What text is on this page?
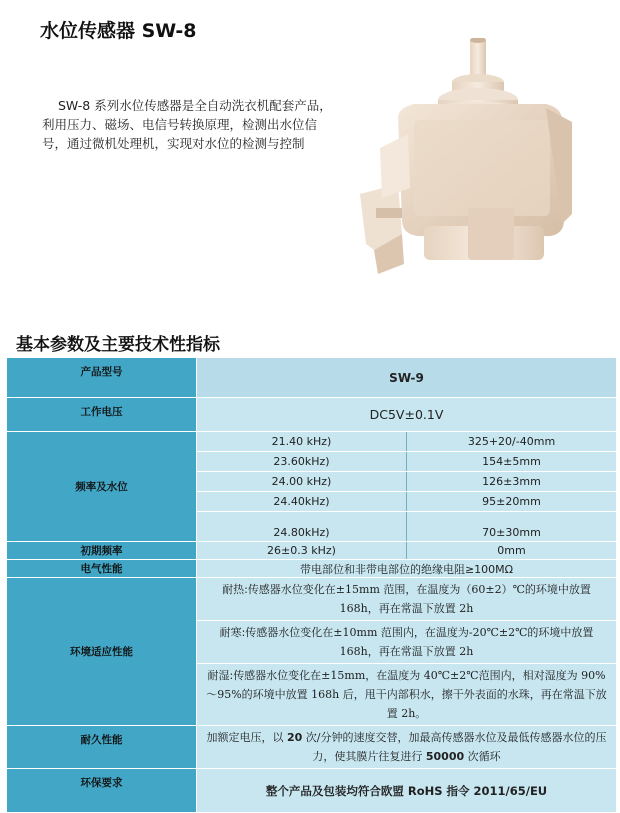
水位传感器 SW-8

SW-8 系列水位传感器是全自动洗衣机配套产品，利用压力、磁场、电信号转换原理，检测出水位信号，通过微机处理机，实现对水位的检测与控制

基本参数及主要技术性指标
产品型号	SW-9	
工作电压	DC5V±0.1V	
频率及水位	21.40 kHz)	325+20/-40mm
	23.60kHz)	154±5mm
	24.00 kHz)	126±3mm
	24.40kHz)	95±20mm
	24.80kHz)	70±30mm
初期频率	26±0.3 kHz)	0mm
电气性能	带电部位和非带电部位的绝缘电阻≥100MΩ	
环境适应性能	耐热:传感器水位变化在±15mm 范围，在温度为（60±2）℃的环境中放置 168h，再在常温下放置 2h	
	耐寒:传感器水位变化在±10mm 范围内，在温度为-20℃±2℃的环境中放置 168h，再在常温下放置 2h	
	耐湿:传感器水位变化在±15mm，在温度为 40℃±2℃范围内，相对湿度为 90%～95%的环境中放置 168h 后，甩干内部积水，擦干外表面的水珠，再在常温下放置 2h。	
耐久性能	加额定电压，以 20 次/分钟的速度交替，加最高传感器水位及最低传感器水位的压力，使其膜片往复进行 50000 次循环	
环保要求	整个产品及包装均符合欧盟 RoHS 指令 2011/65/EU	
